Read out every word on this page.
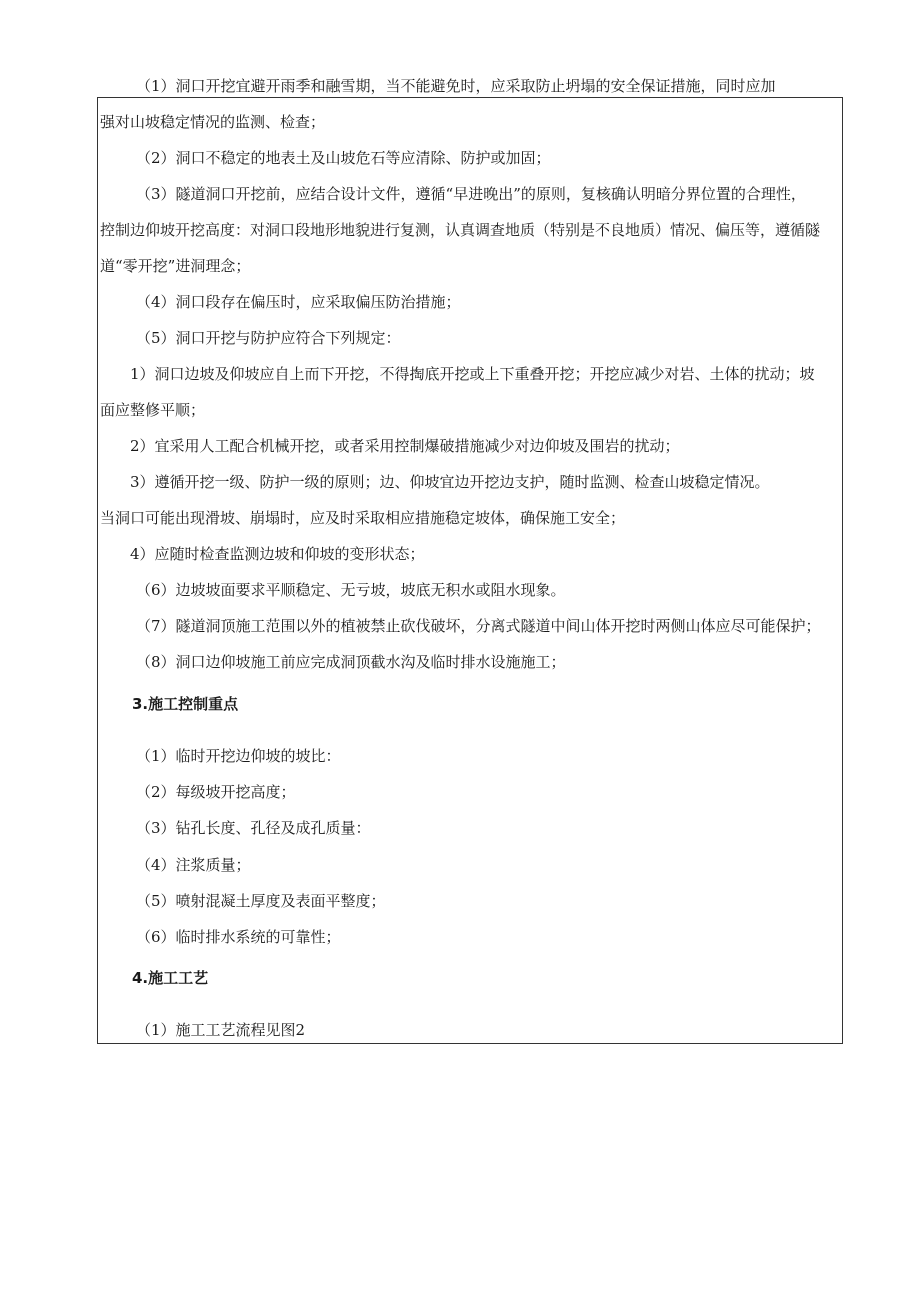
（1）洞口开挖宜避开雨季和融雪期，当不能避免时，应采取防止坍塌的安全保证措施，同时应加
强对山坡稳定情况的监测、检查；
（2）洞口不稳定的地表土及山坡危石等应清除、防护或加固；
（3）隧道洞口开挖前，应结合设计文件，遵循“早进晚出”的原则，复核确认明暗分界位置的合理性，
控制边仰坡开挖高度：对洞口段地形地貌进行复测，认真调查地质（特别是不良地质）情况、偏压等，遵循隧
道“零开挖”进洞理念；
（4）洞口段存在偏压时，应采取偏压防治措施；
（5）洞口开挖与防护应符合下列规定：
1）洞口边坡及仰坡应自上而下开挖，不得掏底开挖或上下重叠开挖；开挖应减少对岩、土体的扰动；坡
面应整修平顺；
2）宜采用人工配合机械开挖，或者采用控制爆破措施减少对边仰坡及围岩的扰动；
3）遵循开挖一级、防护一级的原则；边、仰坡宜边开挖边支护，随时监测、检查山坡稳定情况。
当洞口可能出现滑坡、崩塌时，应及时采取相应措施稳定坡体，确保施工安全；
4）应随时检查监测边坡和仰坡的变形状态；
（6）边坡坡面要求平顺稳定、无亏坡，坡底无积水或阻水现象。
（7）隧道洞顶施工范围以外的植被禁止砍伐破坏，分离式隧道中间山体开挖时两侧山体应尽可能保护；
（8）洞口边仰坡施工前应完成洞顶截水沟及临时排水设施施工；
3.施工控制重点
（1）临时开挖边仰坡的坡比：
（2）每级坡开挖高度；
（3）钻孔长度、孔径及成孔质量：
（4）注浆质量；
（5）喷射混凝土厚度及表面平整度；
（6）临时排水系统的可靠性；
4.施工工艺
（1）施工工艺流程见图2
